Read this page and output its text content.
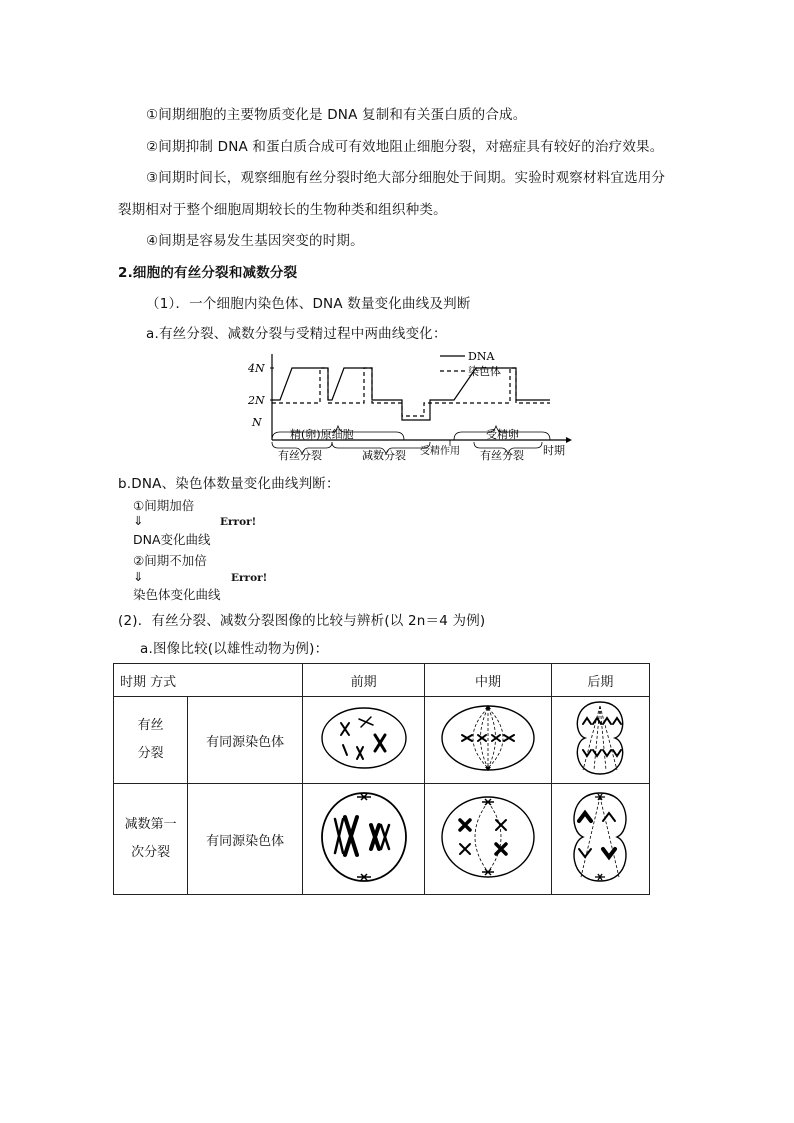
①间期细胞的主要物质变化是 DNA 复制和有关蛋白质的合成。
②间期抑制 DNA 和蛋白质合成可有效地阻止细胞分裂，对癌症具有较好的治疗效果。
③间期时间长，观察细胞有丝分裂时绝大部分细胞处于间期。实验时观察材料宜选用分
裂期相对于整个细胞周期较长的生物种类和组织种类。
④间期是容易发生基因突变的时期。
2.细胞的有丝分裂和减数分裂
（1）．一个细胞内染色体、DNA 数量变化曲线及判断
a.有丝分裂、减数分裂与受精过程中两曲线变化：
4N
2N
N
DNA
染色体
精(卵)原细胞	受精卵
有丝分裂	减数分裂 受精作用 有丝分裂 时期
b.DNA、染色体数量变化曲线判断：
①间期加倍
⇓	Error!
DNA变化曲线
②间期不加倍
⇓	Error!
染色体变化曲线
(2)．有丝分裂、减数分裂图像的比较与辨析(以 2n＝4 为例)
a.图像比较(以雄性动物为例)：
时期 方式		前期	中期	后期

有丝
分裂	有同源染色体			

减数第一
次分裂	有同源染色体			
